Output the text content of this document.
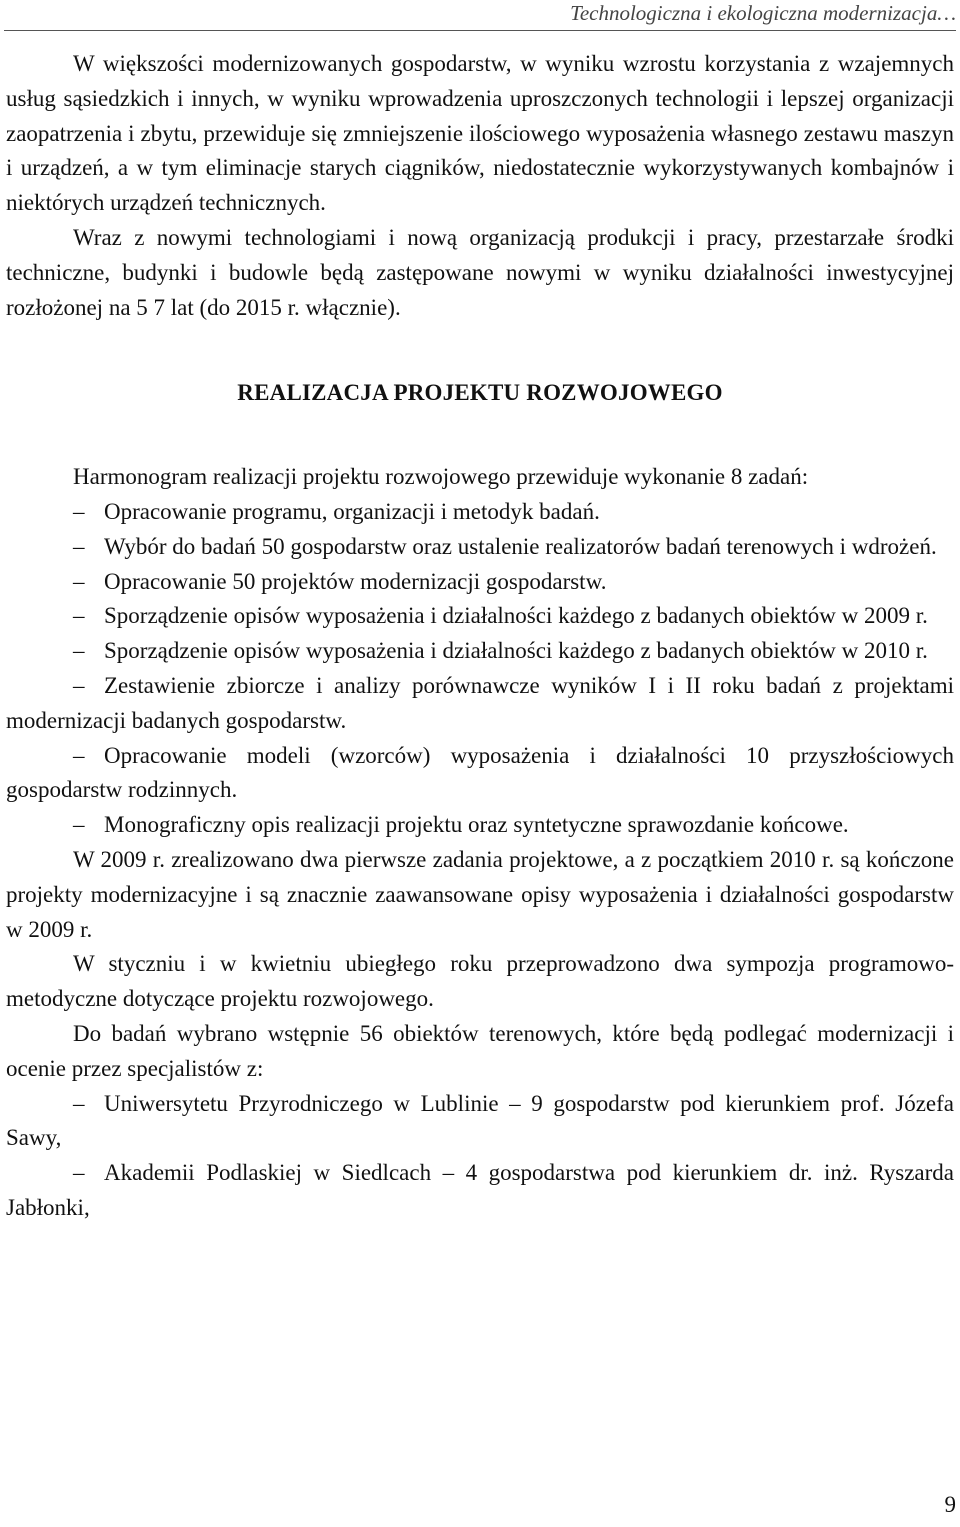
Technologiczna i ekologiczna modernizacja…

W większości modernizowanych gospodarstw, w wyniku wzrostu korzystania z wzajemnych usług sąsiedzkich i innych, w wyniku wprowadzenia uproszczonych technologii i lepszej organizacji zaopatrzenia i zbytu, przewiduje się zmniejszenie ilościowego wyposażenia własnego zestawu maszyn i urządzeń, a w tym eliminacje starych ciągników, niedostatecznie wykorzystywanych kombajnów i niektórych urządzeń technicznych.

Wraz z nowymi technologiami i nową organizacją produkcji i pracy, przestarzałe środki techniczne, budynki i budowle będą zastępowane nowymi w wyniku działalności inwestycyjnej rozłożonej na 5 7 lat (do 2015 r. włącznie).

REALIZACJA PROJEKTU ROZWOJOWEGO

Harmonogram realizacji projektu rozwojowego przewiduje wykonanie 8 zadań:

– Opracowanie programu, organizacji i metodyk badań.

– Wybór do badań 50 gospodarstw oraz ustalenie realizatorów badań terenowych i wdrożeń.

– Opracowanie 50 projektów modernizacji gospodarstw.

– Sporządzenie opisów wyposażenia i działalności każdego z badanych obiektów w 2009 r.

– Sporządzenie opisów wyposażenia i działalności każdego z badanych obiektów w 2010 r.

– Zestawienie zbiorcze i analizy porównawcze wyników I i II roku badań z projektami modernizacji badanych gospodarstw.

– Opracowanie modeli (wzorców) wyposażenia i działalności 10 przyszłościowych gospodarstw rodzinnych.

– Monograficzny opis realizacji projektu oraz syntetyczne sprawozdanie końcowe.

W 2009 r. zrealizowano dwa pierwsze zadania projektowe, a z początkiem 2010 r. są kończone projekty modernizacyjne i są znacznie zaawansowane opisy wyposażenia i działalności gospodarstw w 2009 r.

W styczniu i w kwietniu ubiegłego roku przeprowadzono dwa sympozja programowo-metodyczne dotyczące projektu rozwojowego.

Do badań wybrano wstępnie 56 obiektów terenowych, które będą podlegać modernizacji i ocenie przez specjalistów z:

– Uniwersytetu Przyrodniczego w Lublinie – 9 gospodarstw pod kierunkiem prof. Józefa Sawy,

– Akademii Podlaskiej w Siedlcach – 4 gospodarstwa pod kierunkiem dr. inż. Ryszarda Jabłonki,

9
